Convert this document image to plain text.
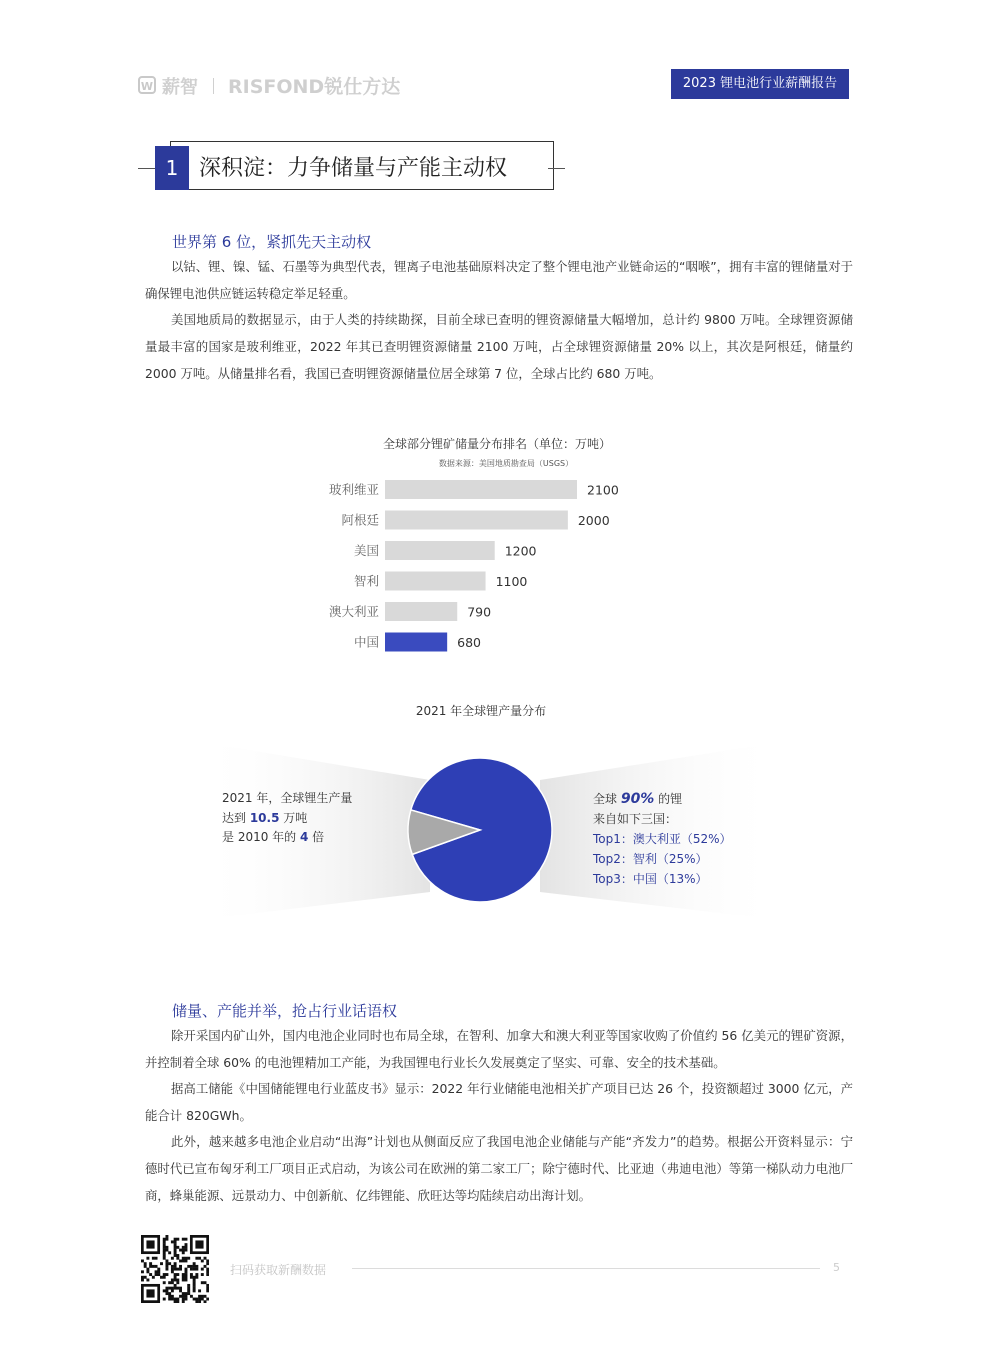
W 薪智 RISFOND锐仕方达	2023 锂电池行业薪酬报告
1 深积淀：力争储量与产能主动权
世界第 6 位，紧抓先天主动权

以钴、锂、镍、锰、石墨等为典型代表，锂离子电池基础原料决定了整个锂电池产业链命运的“咽喉”，拥有丰富的锂储量对于确保锂电池供应链运转稳定举足轻重。

美国地质局的数据显示，由于人类的持续勘探，目前全球已查明的锂资源储量大幅增加，总计约 9800 万吨。全球锂资源储量最丰富的国家是玻利维亚，2022 年其已查明锂资源储量 2100 万吨，占全球锂资源储量 20% 以上，其次是阿根廷，储量约 2000 万吨。从储量排名看，我国已查明锂资源储量位居全球第 7 位，全球占比约 680 万吨。

全球部分锂矿储量分布排名（单位：万吨）
数据来源：美国地质勘查局（USGS）
玻利维亚	2100
阿根廷	2000
美国	1200
智利	1100
澳大利亚	790
中国	680
2021 年全球锂产量分布
2021 年，全球锂生产量
达到 10.5 万吨
是 2010 年的 4 倍
全球 90% 的锂
来自如下三国：
Top1：澳大利亚（52%）
Top2：智利（25%）
Top3：中国（13%）
储量、产能并举，抢占行业话语权

除开采国内矿山外，国内电池企业同时也布局全球，在智利、加拿大和澳大利亚等国家收购了价值约 56 亿美元的锂矿资源，并控制着全球 60% 的电池锂精加工产能，为我国锂电行业长久发展奠定了坚实、可靠、安全的技术基础。

据高工储能《中国储能锂电行业蓝皮书》显示：2022 年行业储能电池相关扩产项目已达 26 个，投资额超过 3000 亿元，产能合计 820GWh。

此外，越来越多电池企业启动“出海”计划也从侧面反应了我国电池企业储能与产能“齐发力”的趋势。根据公开资料显示：宁德时代已宣布匈牙利工厂项目正式启动，为该公司在欧洲的第二家工厂；除宁德时代、比亚迪（弗迪电池）等第一梯队动力电池厂商，蜂巢能源、远景动力、中创新航、亿纬锂能、欣旺达等均陆续启动出海计划。

扫码获取新酬数据	5
